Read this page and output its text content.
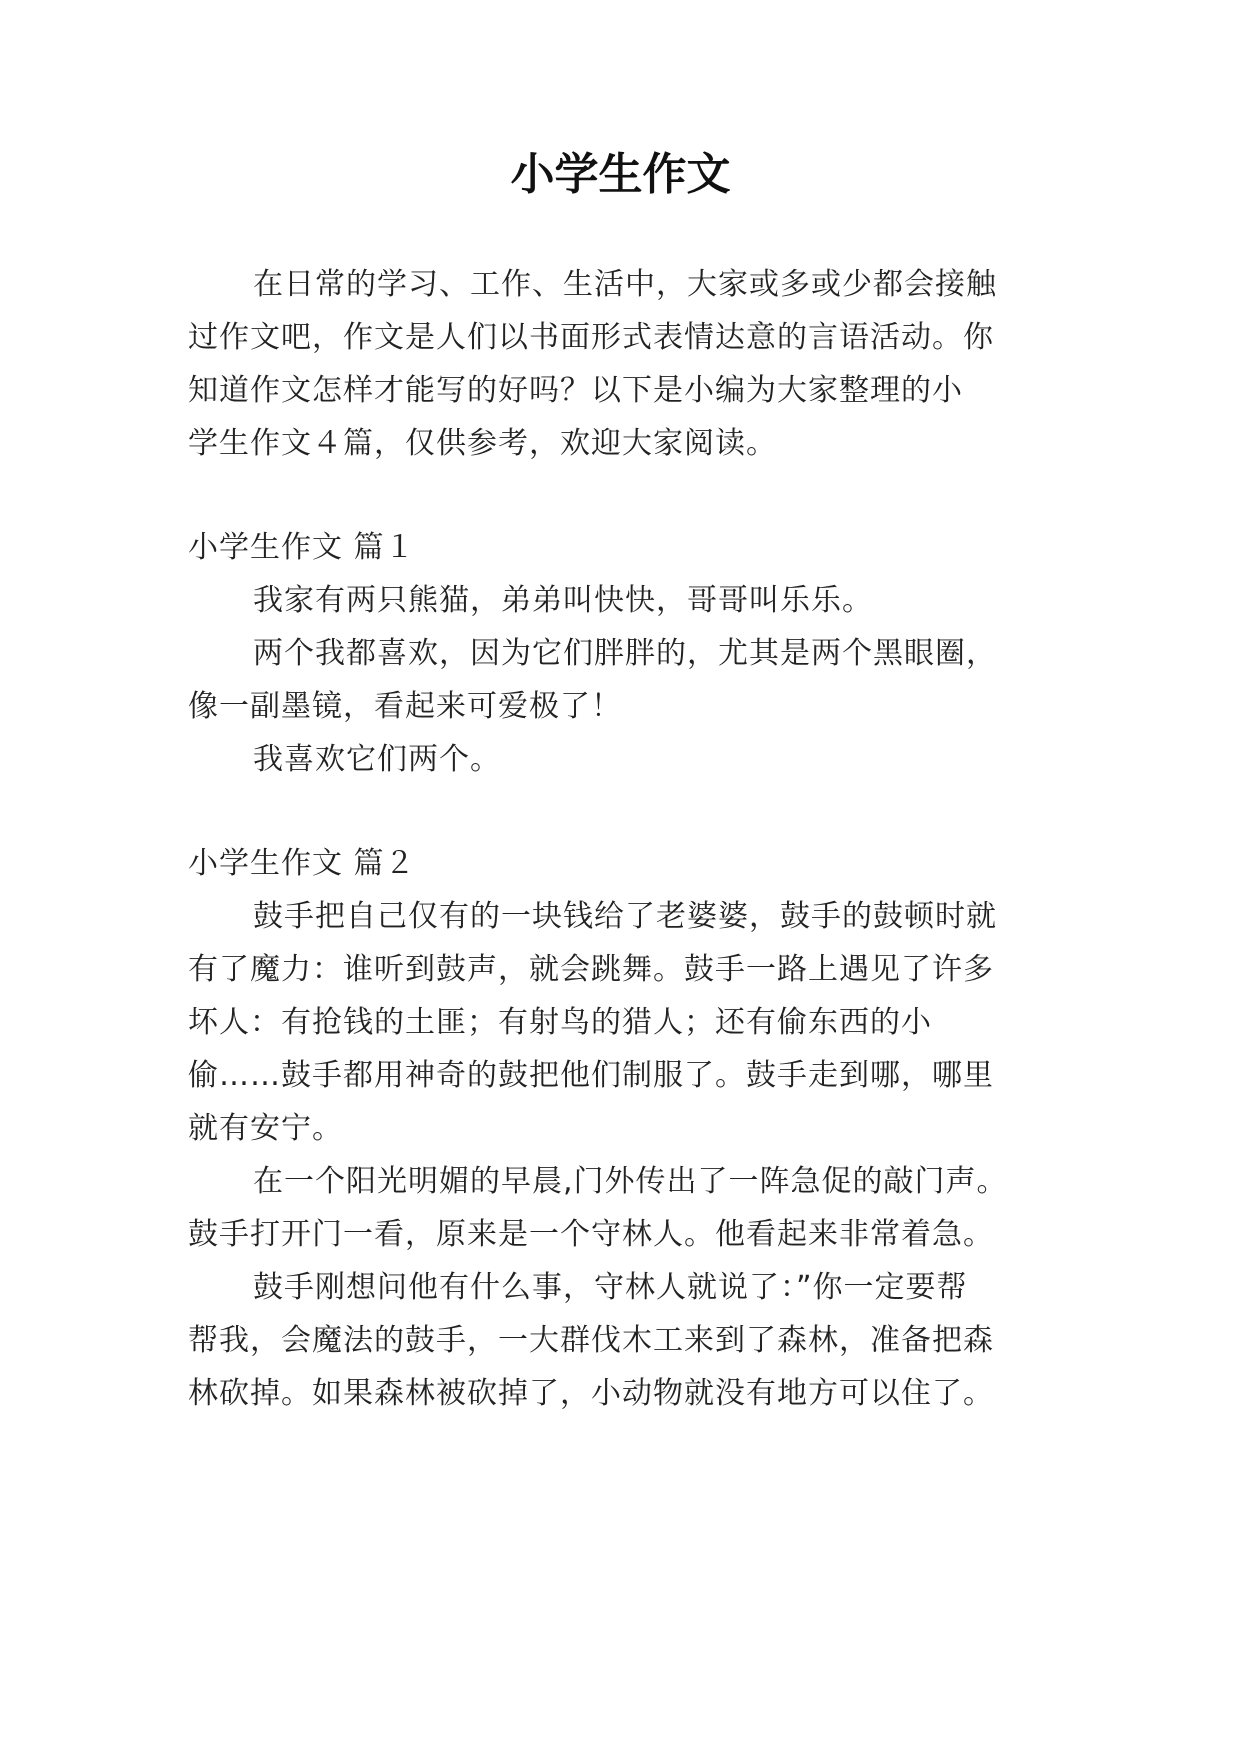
小学生作文
在日常的学习、工作、生活中，大家或多或少都会接触
过作文吧，作文是人们以书面形式表情达意的言语活动。你
知道作文怎样才能写的好吗？以下是小编为大家整理的小
学生作文４篇，仅供参考，欢迎大家阅读。
小学生作文 篇１
我家有两只熊猫，弟弟叫快快，哥哥叫乐乐。
两个我都喜欢，因为它们胖胖的，尤其是两个黑眼圈，
像一副墨镜，看起来可爱极了！
我喜欢它们两个。
小学生作文 篇２
鼓手把自己仅有的一块钱给了老婆婆，鼓手的鼓顿时就
有了魔力：谁听到鼓声，就会跳舞。鼓手一路上遇见了许多
坏人：有抢钱的土匪；有射鸟的猎人；还有偷东西的小
偷……鼓手都用神奇的鼓把他们制服了。鼓手走到哪，哪里
就有安宁。
在一个阳光明媚的早晨,门外传出了一阵急促的敲门声。
鼓手打开门一看，原来是一个守林人。他看起来非常着急。
鼓手刚想问他有什么事，守林人就说了：”你一定要帮
帮我，会魔法的鼓手，一大群伐木工来到了森林，准备把森
林砍掉。如果森林被砍掉了，小动物就没有地方可以住了。
